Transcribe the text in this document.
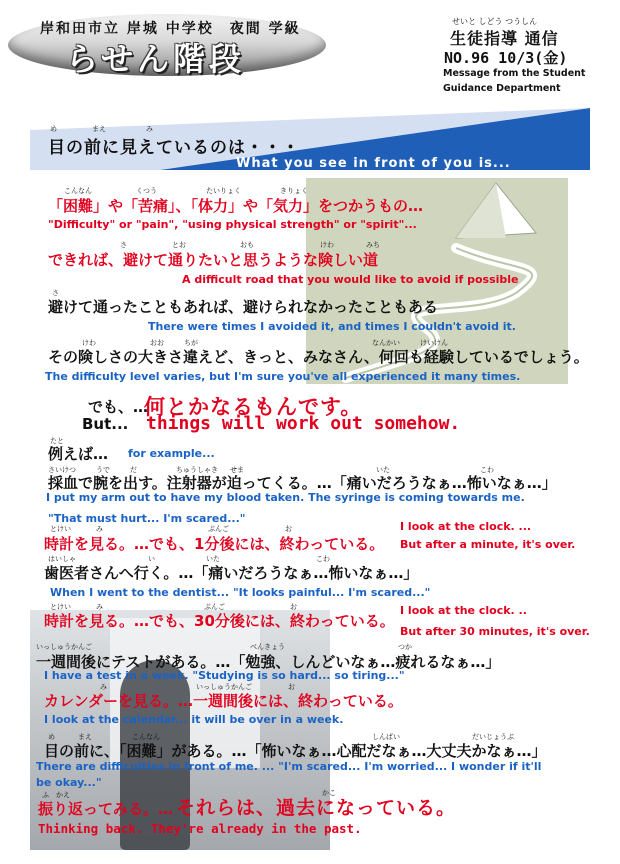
岸和田市立 岸城 中学校　夜間 学級
らせん階段
せいと しどう つうしん
生徒指導 通信
NO.96 10/3(金)
Message from the Student Guidance Department
め	まえ	み
目の前に見えているのは・・・
What you see in front of you is...
こんなん	くつう	たいりょく	きりょく
「困難」や「苦痛」、「体力」や「気力」をつかうもの…
"Difficulty" or "pain", "using physical strength" or "spirit"...
さ	とお	おも	けわ	みち
できれば、避けて通りたいと思うような険しい道
A difficult road that you would like to avoid if possible
さ
避けて通ったこともあれば、避けられなかったこともある
There were times I avoided it, and times I couldn't avoid it.
けわ	おお	ちが	なんかい	けいけん
その険しさの大きさ違えど、きっと、みなさん、何回も経験しているでしょう。
The difficulty level varies, but I'm sure you've all experienced it many times.
でも、…
何とかなるもんです。
But... things will work out somehow.
たと
例えば… for example...
さいけつ	うで	だ	ちゅうしゃき せま	いた	こわ
採血で腕を出す。注射器が迫ってくる。…「痛いだろうなぁ…怖いなぁ…」
I put my arm out to have my blood taken. The syringe is coming towards me.
"That must hurt... I'm scared..."
I look at the clock. ...
とけい	み	ぷん ご	お
時計を見る。…でも、1分後には、終わっている。 But after a minute, it's over.
はいしゃ	い	いた	こわ
歯医者さんへ行く。…「痛いだろうなぁ…怖いなぁ…」
When I went to the dentist... "It looks painful... I'm scared..."
I look at the clock. ..
とけい	み	ぷんご	お
時計を見る。…でも、30分後には、終わっている。
But after 30 minutes, it's over.
いっしゅうかんご	べんきょう	つか
一週間後にテストがある。…「勉強、しんどいなぁ…疲れるなぁ…」
I have a test in a week. "Studying is so hard... so tiring..."
み	いっしゅうかんご	お
カレンダーを見る。…一週間後には、終わっている。
I look at the calendar... it will be over in a week.
め	まえ	こんなん	しんぱい	だいじょうぶ
目の前に、「困難」がある。…「怖いなぁ…心配だなぁ…大丈夫かなぁ…」
There are difficulties in front of me. ... "I'm scared... I'm worried... I wonder if it'll be okay..."
ふ　かえ	かこ
振り返ってみる。… それらは、過去になっている。
Thinking back. They're already in the past.
